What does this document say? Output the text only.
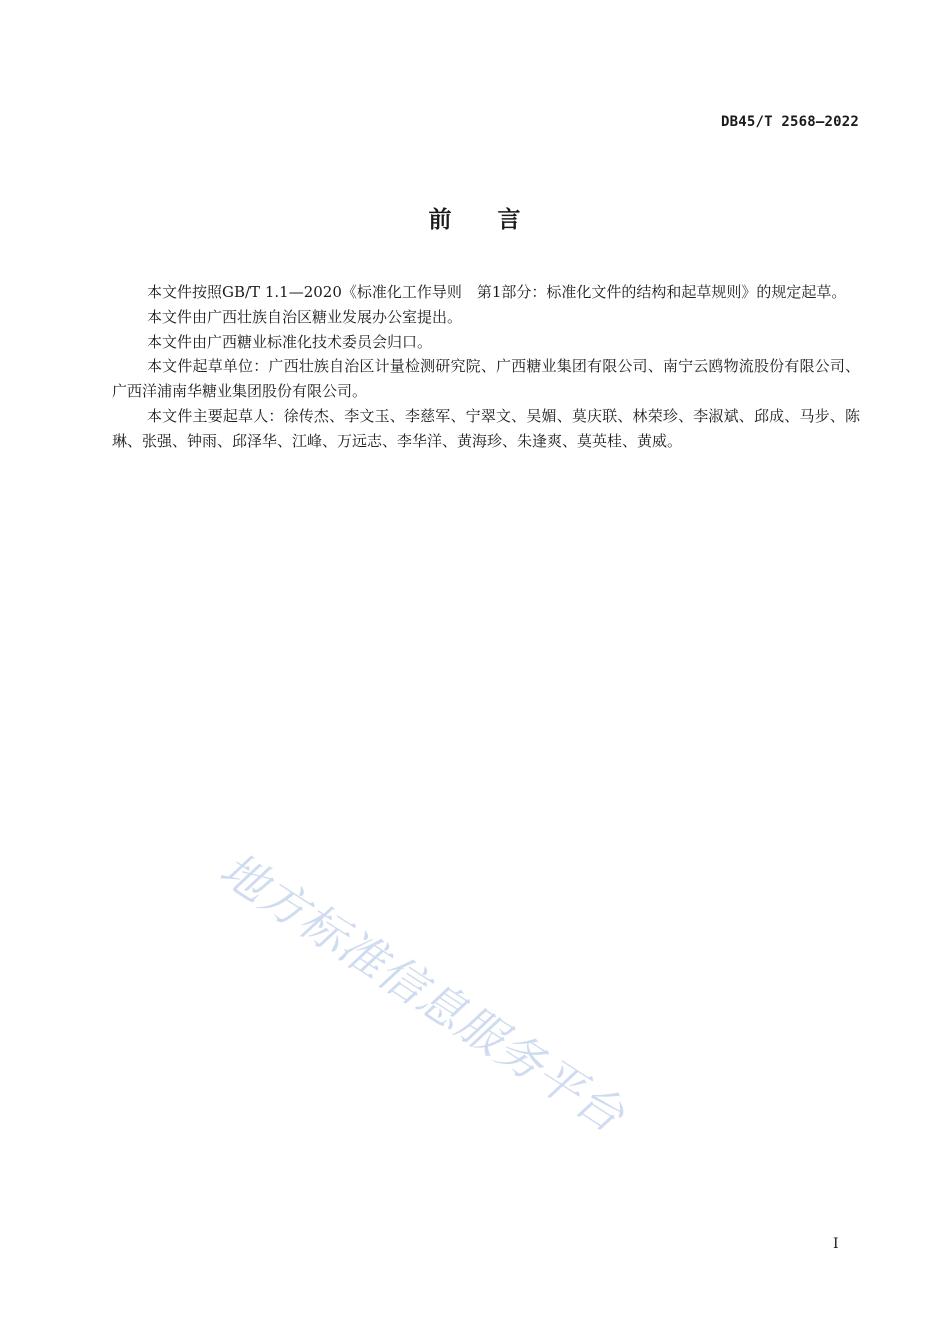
DB45/T 2568—2022
前 言

本文件按照GB/T 1.1—2020《标准化工作导则　第1部分：标准化文件的结构和起草规则》的规定起草。

本文件由广西壮族自治区糖业发展办公室提出。

本文件由广西糖业标准化技术委员会归口。

本文件起草单位：广西壮族自治区计量检测研究院、广西糖业集团有限公司、南宁云鸥物流股份有限公司、广西洋浦南华糖业集团股份有限公司。

本文件主要起草人：徐传杰、李文玉、李慈军、宁翠文、吴媚、莫庆联、林荣珍、李淑斌、邱成、马步、陈琳、张强、钟雨、邱泽华、江峰、万远志、李华洋、黄海珍、朱逢爽、莫英桂、黄威。

地方标准信息服务平台
I
